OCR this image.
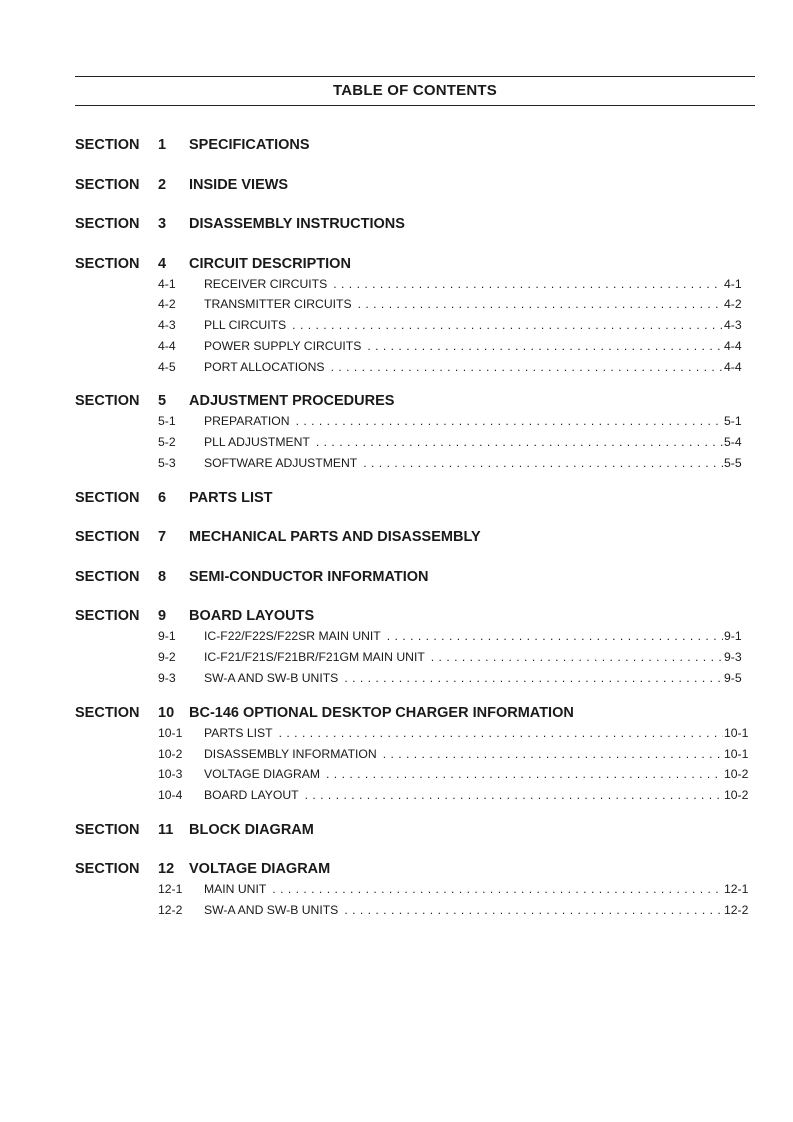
TABLE OF CONTENTS
SECTION	1	SPECIFICATIONS
SECTION	2	INSIDE VIEWS
SECTION	3	DISASSEMBLY INSTRUCTIONS
SECTION	4	CIRCUIT DESCRIPTION
4-1	RECEIVER CIRCUITS . . .	4-1
4-2	TRANSMITTER CIRCUITS . . .	4-2
4-3	PLL CIRCUITS . . .	4-3
4-4	POWER SUPPLY CIRCUITS . . .	4-4
4-5	PORT ALLOCATIONS . . .	4-4
SECTION	5	ADJUSTMENT PROCEDURES
5-1	PREPARATION . . .	5-1
5-2	PLL ADJUSTMENT . . .	5-4
5-3	SOFTWARE ADJUSTMENT . . .	5-5
SECTION	6	PARTS LIST
SECTION	7	MECHANICAL PARTS AND DISASSEMBLY
SECTION	8	SEMI-CONDUCTOR INFORMATION
SECTION	9	BOARD LAYOUTS
9-1	IC-F22/F22S/F22SR MAIN UNIT . . .	9-1
9-2	IC-F21/F21S/F21BR/F21GM MAIN UNIT . . .	9-3
9-3	SW-A AND SW-B UNITS . . .	9-5
SECTION	10	BC-146 OPTIONAL DESKTOP CHARGER INFORMATION
10-1	PARTS LIST . . .	10-1
10-2	DISASSEMBLY INFORMATION . . .	10-1
10-3	VOLTAGE DIAGRAM . . .	10-2
10-4	BOARD LAYOUT . . .	10-2
SECTION	11	BLOCK DIAGRAM
SECTION	12	VOLTAGE DIAGRAM
12-1	MAIN UNIT . . .	12-1
12-2	SW-A AND SW-B UNITS . . .	12-2
